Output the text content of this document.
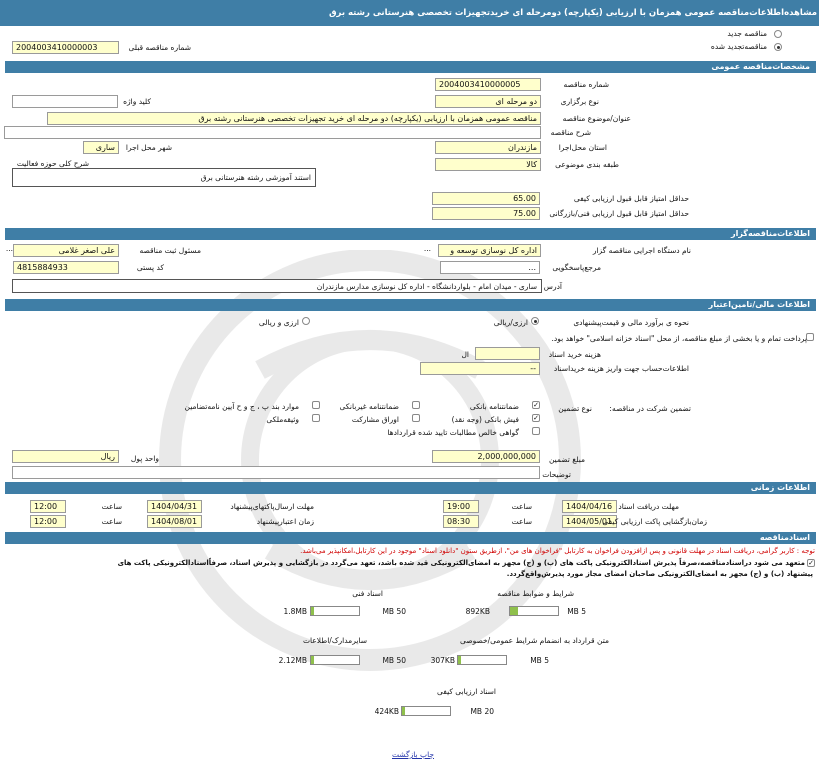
مشاهده‌اطلاعات‌مناقصه عمومی همزمان با ارزیابی (یکپارچه) دومرحله ای خریدتجهیزات تخصصی هنرستانی رشته برق
مناقصه جدید
مناقصه‌تجدید شده
2004003410000003	شماره مناقصه قبلی
مشخصات‌مناقصه عمومی
2004003410000005	شماره مناقصه
دو مرحله ای	نوع برگزاری
کلید واژه
مناقصه عمومی همزمان با ارزیابی (یکپارچه) دو مرحله ای خرید تجهیزات تخصصی هنرستانی رشته برق	عنوان/موضوع مناقصه
شرح مناقصه
مازندران	استان محل‌اجرا
ساری	شهر محل اجرا
کالا	طبقه بندی موضوعی
شرح کلی حوزه فعالیت
استند آموزشی رشته هنرستانی برق
65.00	حداقل امتیاز قابل قبول ارزیابی کیفی
75.00	حداقل امتیاز قابل قبول ارزیابی فنی/بازرگانی
اطلاعات‌مناقصه‌گزار
اداره کل نوسازی توسعه و	نام دستگاه اجرایی مناقصه گزار
...
علی اصغر غلامی	مسئول ثبت مناقصه
...
...	مرجع‌پاسخگویی
4815884933	کد پستی
ساری - میدان امام - بلواردانشگاه - اداره کل نوسازی مدارس مازندران آدرس
اطلاعات مالی/تامین‌اعتبار
نحوه ی برآورد مالی و قیمت‌پیشنهادی
ارزی/ریالی
ارزی و ریالی
پرداخت تمام و یا بخشی از مبلغ مناقصه، از محل "اسناد خزانه اسلامی" خواهد بود.
ال	هزینه خرید اسناد
--	اطلاعات‌حساب جهت واریز هزینه خریداسناد
تضمین شرکت در مناقصه:
نوع تضمین
✓
ضمانتنامه بانکی
ضمانتنامه غیربانکی
موارد بند پ ، ج و ح آیین نامه‌تضامین
✓
فیش بانکی (وجه نقد)
اوراق مشارکت
وثیقه‌ملکی
گواهی خالص مطالبات تایید شده قراردادها
2,000,000,000	مبلغ تضمین
ریال	واحد پول
توضیحات
اطلاعات زمانی
1404/04/16 مهلت دریافت اسناد
19:00	ساعت
1404/04/31	مهلت ارسال‌پاکتهای‌پیشنهاد
12:00	ساعت
1404/05/01
زمان‌بازگشایی پاکت ارزیابی کیفی
08:30	ساعت
1404/08/01	زمان اعتبارپیشنهاد
12:00	ساعت
اسنادمناقصه
توجه : کاربر گرامی، دریافت اسناد در مهلت قانونی و پس ازافزودن فراخوان به کارتابل "فراخوان های من"، ازطریق ستون "دانلود اسناد" موجود در این کارتابل،امکانپذیر می‌باشد.
✓
متعهد می شود دراسنادمناقصه،صرفاً پذیرش اسنادالکترونیکی پاکت های (ب) و (ج) مجهز به امضای‌الکترونیکی قید شده باشد، تعهد می‌گردد در بازگشایی و پذیرش اسناد، صرفاًاسنادالکترونیکی پاکت های
پیشنهاد (ب) و (ج) مجهز به امضای‌الکترونیکی صاحبان امضای مجاز مورد پذیرش‌واقع‌گردد.
شرایط و ضوابط مناقصه
892KB	5 MB
اسناد فنی
1.8MB	50 MB
متن قرارداد به انضمام شرایط عمومی/خصوصی
307KB	5 MB
سایرمدارک/اطلاعات
2.12MB	50 MB
اسناد ارزیابی کیفی
424KB	20 MB
چاپ بازگشت
